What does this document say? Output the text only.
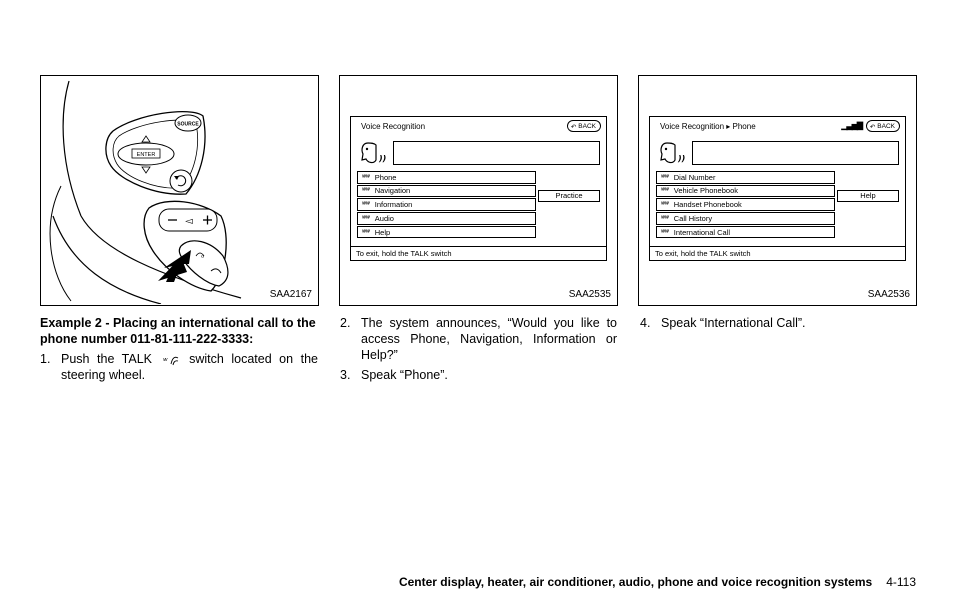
SOURCE
ENTER
◅
ᵅ
SAA2167
Voice Recognition	↶ BACK
))
ʷʷ Phone
ʷʷ Navigation
ʷʷ Information
ʷʷ Audio
ʷʷ Help
Practice
To exit, hold the TALK switch
SAA2535
Voice Recognition ▸ Phone	▁▃▅▇ ↶ BACK
))
ʷʷ Dial Number
ʷʷ Vehicle Phonebook
ʷʷ Handset Phonebook
ʷʷ Call History
ʷʷ International Call
Help
To exit, hold the TALK switch
SAA2536

Example 2 - Placing an international call to the phone number 011-81-111-222-3333:

1. Push the TALK ʷ switch located on the steering wheel.

2. The system announces, “Would you like to access Phone, Navigation, Information or Help?”

3. Speak “Phone”.

4. Speak “International Call”.

Center display, heater, air conditioner, audio, phone and voice recognition systems 4-113
